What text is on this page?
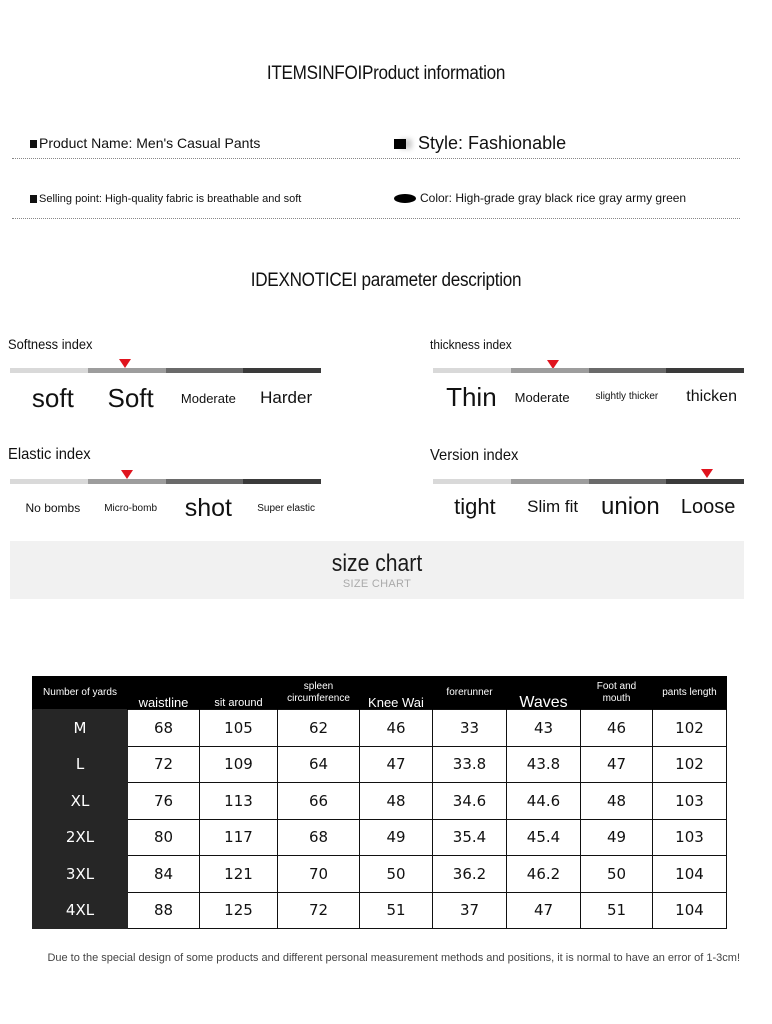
ITEMSINFOIProduct information
Product Name: Men's Casual Pants	Style: Fashionable
Selling point: High-quality fabric is breathable and soft	Color: High-grade gray black rice gray army green
IDEXNOTICEI parameter description
Softness index
soft	Soft	Moderate	Harder
thickness index
Thin	Moderate	slightly thicker	thicken
Elastic index
No bombs	Micro-bomb	shot	Super elastic
Version index
tight	Slim fit union	Loose
size chart
SIZE CHART
Number of yards	waistline	sit around	spleen circumference	Knee Wai	forerunner	Waves	Foot and mouth	pants length
M	68	105	62	46	33	43	46	102
L	72	109	64	47	33.8	43.8	47	102
XL	76	113	66	48	34.6	44.6	48	103
2XL	80	117	68	49	35.4	45.4	49	103
3XL	84	121	70	50	36.2	46.2	50	104
4XL	88	125	72	51	37	47	51	104
Due to the special design of some products and different personal measurement methods and positions, it is normal to have an error of 1-3cm!
